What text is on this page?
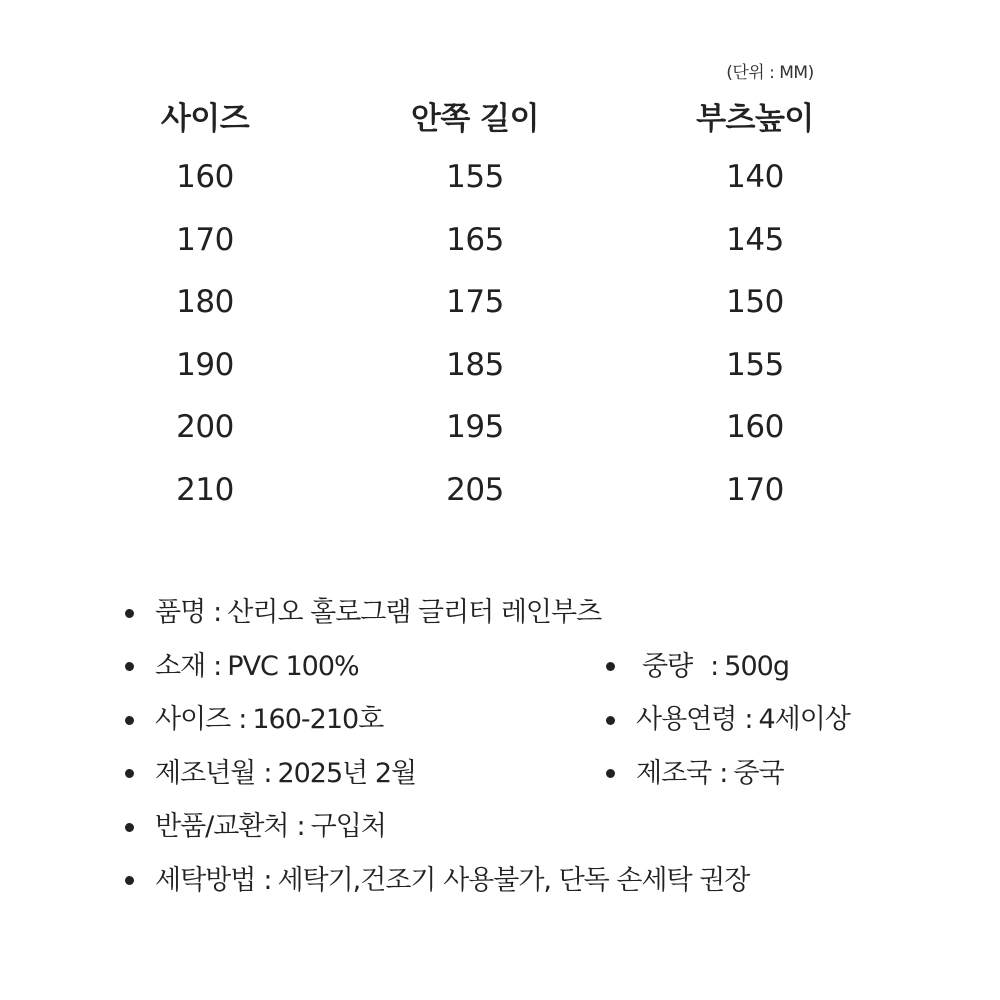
(단위 : MM)
사이즈	안쪽 길이	부츠높이
160	155	140
170	165	145
180	175	150
190	185	155
200	195	160
210	205	170
품명 : 산리오 홀로그램 글리터 레인부츠
소재 : PVC 100%	중량 : 500g
사이즈 : 160-210호	사용연령 : 4세이상
제조년월 : 2025년 2월	제조국 : 중국
반품/교환처 : 구입처
세탁방법 : 세탁기,건조기 사용불가, 단독 손세탁 권장
